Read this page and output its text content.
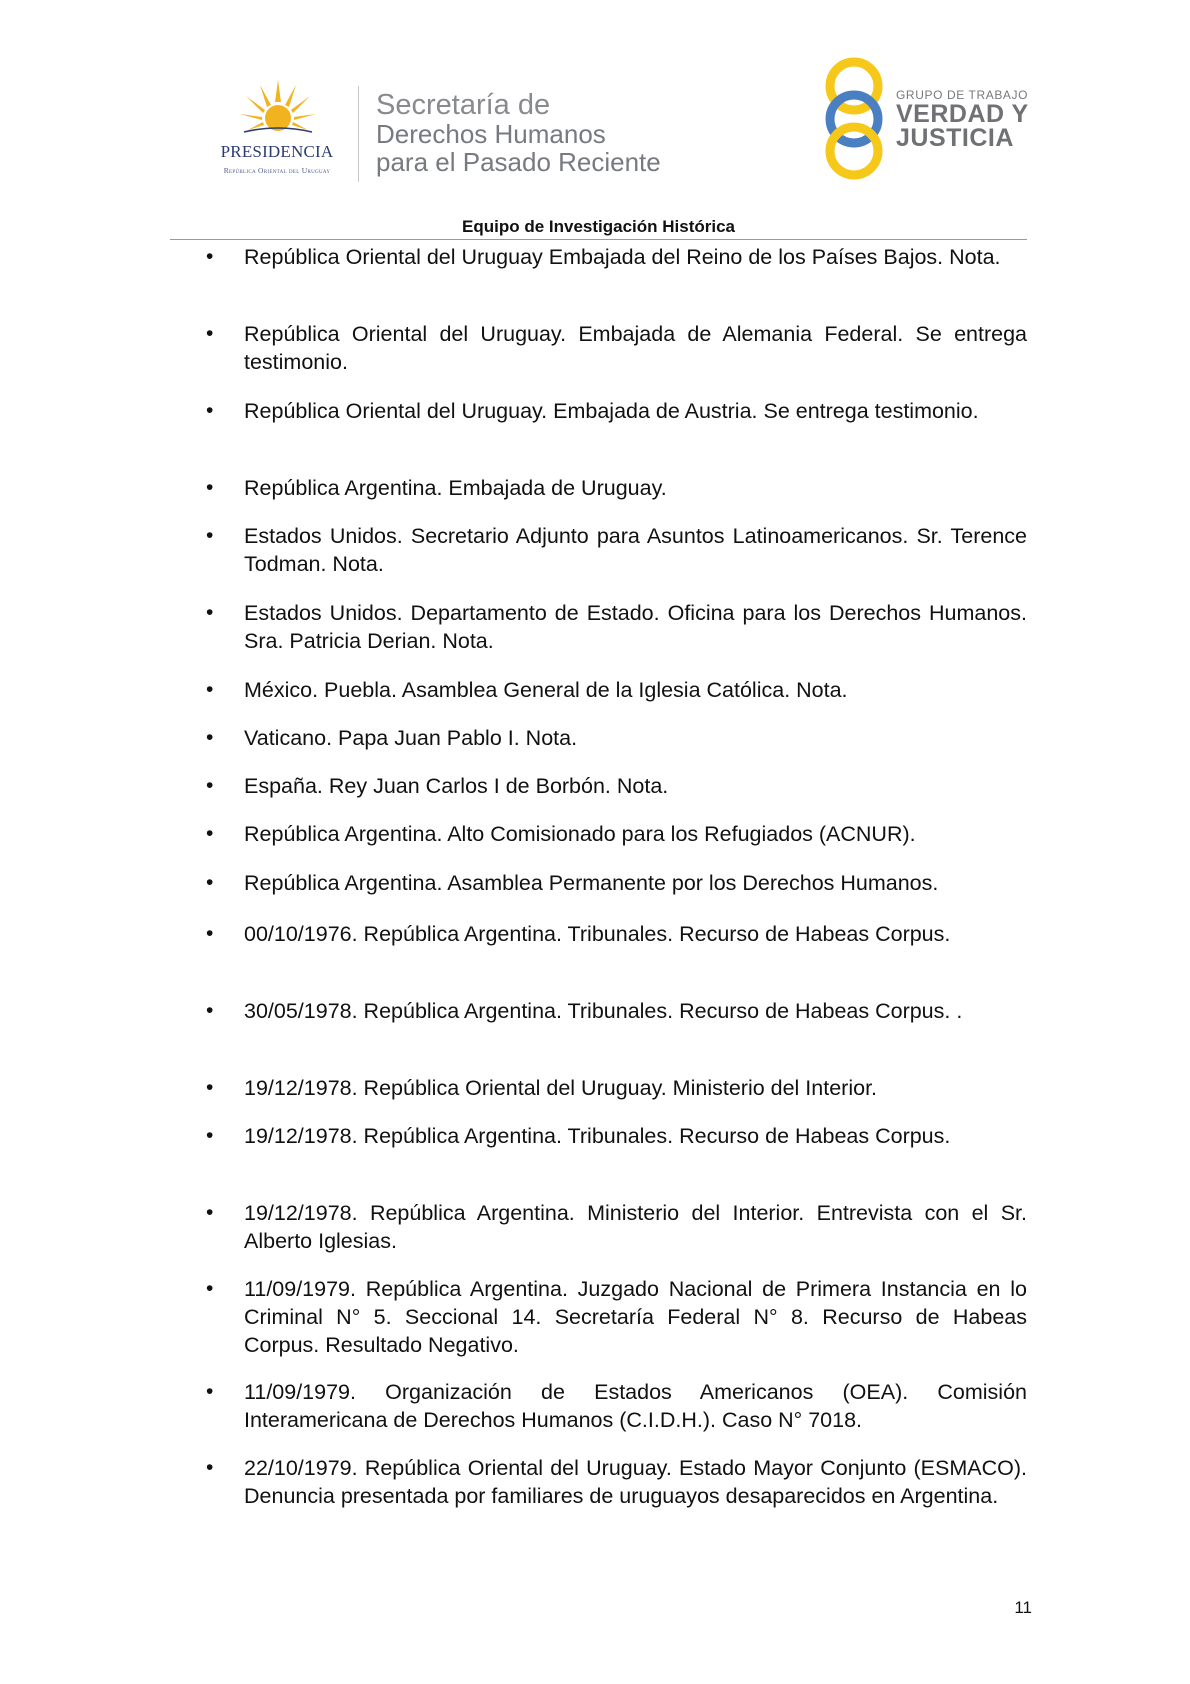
PRESIDENCIA
República Oriental del Uruguay
Secretaría de
Derechos Humanos
para el Pasado Reciente
GRUPO DE TRABAJO
VERDAD Y
JUSTICIA
Equipo de Investigación Histórica
• República Oriental del Uruguay Embajada del Reino de los Países Bajos. Nota.
• República Oriental del Uruguay. Embajada de Alemania Federal. Se entrega testimonio.
• República Oriental del Uruguay. Embajada de Austria. Se entrega testimonio.
• República Argentina. Embajada de Uruguay.
• Estados Unidos. Secretario Adjunto para Asuntos Latinoamericanos. Sr. Terence Todman. Nota.
• Estados Unidos. Departamento de Estado. Oficina para los Derechos Humanos. Sra. Patricia Derian. Nota.
• México. Puebla. Asamblea General de la Iglesia Católica. Nota.
• Vaticano. Papa Juan Pablo I. Nota.
• España. Rey Juan Carlos I de Borbón. Nota.
• República Argentina. Alto Comisionado para los Refugiados (ACNUR).
• República Argentina. Asamblea Permanente por los Derechos Humanos.
• 00/10/1976. República Argentina. Tribunales. Recurso de Habeas Corpus.
• 30/05/1978. República Argentina. Tribunales. Recurso de Habeas Corpus. .
• 19/12/1978. República Oriental del Uruguay. Ministerio del Interior.
• 19/12/1978. República Argentina. Tribunales. Recurso de Habeas Corpus.
• 19/12/1978. República Argentina. Ministerio del Interior. Entrevista con el Sr. Alberto Iglesias.
• 11/09/1979. República Argentina. Juzgado Nacional de Primera Instancia en lo Criminal N° 5. Seccional 14. Secretaría Federal N° 8. Recurso de Habeas Corpus. Resultado Negativo.
• 11/09/1979. Organización de Estados Americanos (OEA). Comisión Interamericana de Derechos Humanos (C.I.D.H.). Caso N° 7018.
• 22/10/1979. República Oriental del Uruguay. Estado Mayor Conjunto (ESMACO). Denuncia presentada por familiares de uruguayos desaparecidos en Argentina.
11
